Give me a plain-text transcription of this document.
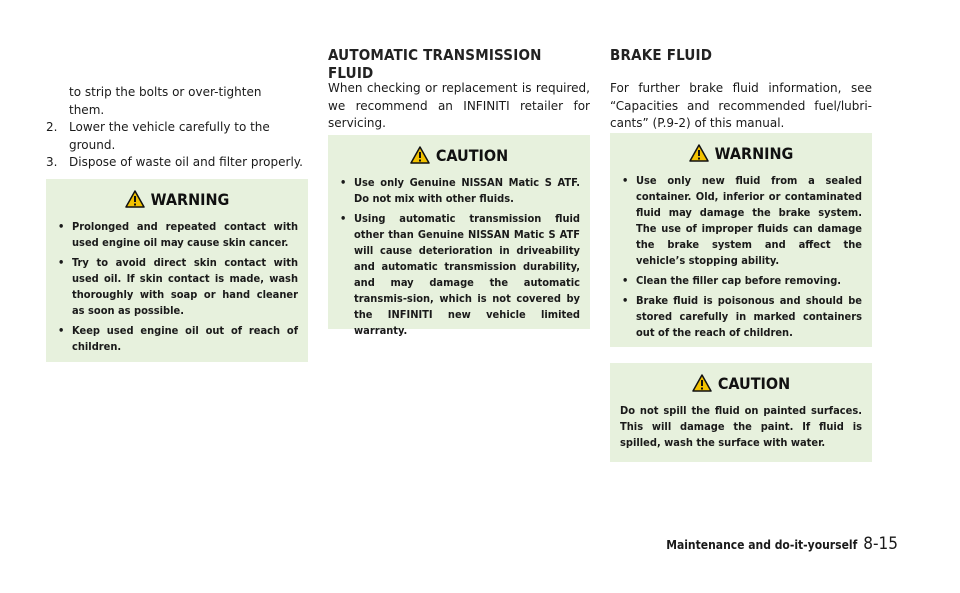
to strip the bolts or over-tighten
them.
2. Lower the vehicle carefully to the
ground.
3. Dispose of waste oil and filter properly.
WARNING
• Prolonged and repeated contact with used engine oil may cause skin cancer.
• Try to avoid direct skin contact with used oil. If skin contact is made, wash thoroughly with soap or hand cleaner as soon as possible.
• Keep used engine oil out of reach of children.
AUTOMATIC TRANSMISSION FLUID
When checking or replacement is required, we recommend an INFINITI retailer for servicing.
CAUTION
• Use only Genuine NISSAN Matic S ATF. Do not mix with other fluids.
• Using automatic transmission fluid other than Genuine NISSAN Matic S ATF will cause deterioration in driveability and automatic transmission durability, and may damage the automatic transmis-sion, which is not covered by the INFINITI new vehicle limited warranty.
BRAKE FLUID
For further brake fluid information, see “Capacities and recommended fuel/lubri-cants” (P.9-2) of this manual.
WARNING
• Use only new fluid from a sealed container. Old, inferior or contaminated fluid may damage the brake system. The use of improper fluids can damage the brake system and affect the vehicle’s stopping ability.
• Clean the filler cap before removing.
• Brake fluid is poisonous and should be stored carefully in marked containers out of the reach of children.
CAUTION
Do not spill the fluid on painted surfaces. This will damage the paint. If fluid is spilled, wash the surface with water.
Maintenance and do-it-yourself 8-15
